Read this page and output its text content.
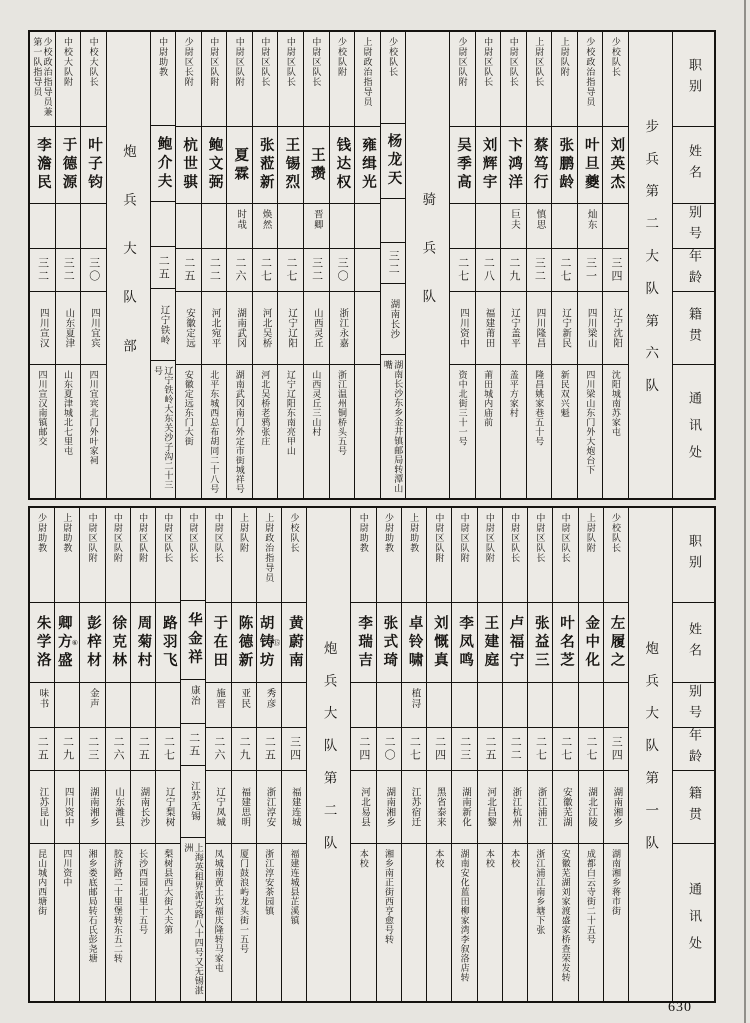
职别
姓名
别号
年龄
籍贯
通讯处
步兵第二大队第六队
少校队长
刘英杰
三四
辽宁沈阳
沈阳城南苏家屯
少校政治指导员
叶旦夔
灿东
三一
四川梁山
四川梁山东门外大炮台下
上尉队附
张鹏龄
二七
辽宁新民
新民双兴魁
上尉区队长
蔡笃行
慎思
三二
四川隆昌
隆昌姚家巷五十号
中尉区队长
卞鸿洋
巨夫
二九
辽宁盖平
盖平方家村
中尉区队长
刘辉宇
二八
福建莆田
莆田城内庙前
少尉区队附
吴季高
二七
四川资中
资中北街三十一号
骑兵队
少校队长
杨龙天
三二
湖南长沙
湖南长沙东乡金井镇邮局转潭山嘴
上尉政治指导员
雍缉光
少校队附
钱达权
三〇
浙江永嘉
浙江温州铜桥头五号
中尉区队长
王瓒
晋卿
三二
山西灵丘
山西灵丘三山村
中尉区队长
王锡烈
二七
辽宁辽阳
辽宁辽阳东南亮甲山
中尉区队长
张蒞新
焕然
二七
河北吴桥
河北吴桥老鸦张庄
中尉区队附
夏霖
时哉
二六
湖南武冈
湖南武冈南门外定市街城祥号
中尉区队附
鲍文弼
二二
河北宛平
北平东城西总布胡同二十八号
少尉区长附
杭世骐
二五
安徽定远
安徽定远东门大街
中尉助教
鲍介夫
二五
辽宁铁岭
辽宁铁岭大东关沙子沟二十三号
炮兵大队部
中校大队长
叶子钧
三〇
四川宜宾
四川宜宾北门外叶家祠
中校大队附
于德源
三二
山东夏津
山东夏津城北七里屯
少校政治指导员兼第一队指导员
李澹民
三二
四川宣汉
四川宣汉南镇邮交
职别
姓名
别号
年龄
籍贯
通讯处
炮兵大队第一队
少校队长
左履之
三四
湖南湘乡
湖南湘乡蒋市街
上尉队附
金中化
二七
湖北江陵
成都白云寺街二十五号
中尉区队长
叶名芝
二七
安徽芜湖
安徽芜湖刘家渡盛家桥查荣发转
中尉区队长
张益三
二七
浙江浦江
浙江浦江南乡塘下张
中尉区队长
卢福宁
二二
浙江杭州
本校
中尉区队附
王建庭
二五
河北昌黎
本校
中尉区队附
李凤鸣
二三
湖南新化
湖南安化蓝田柳家湾李叙洛店转
中尉区队附
刘慨真
二四
黑省泰来
本校
上尉助教
卓铃啸
植浔
二七
江苏宿迁
少尉助教
张式琦
二〇
湖南湘乡
湘乡南正街西亨愈号转
中尉助教
李瑞吉
二四
河北易县
本校
炮兵大队第二队
少校队长
黄蔚南
三四
福建连城
福建连城县芷溪镇
上尉政治指导员
胡铸坊 ⑮
秀彦
二五
浙江淳安
浙江淳安茶园镇
上尉队附
陈德新
亚民
二九
福建思明
厦门鼓浪屿龙头街一五号
中尉区队长
于在田
施晋
二六
辽宁凤城
凤城南黄土坎福庆隆转马家屯
中尉区队长
华金祥
康治
二五
江苏无锡
上海英租界派克路八十四号又无锡湛洲
中尉区队长
路羽飞
二七
辽宁梨树
梨树县西大街大夫第
中尉区队附
周菊村
二五
湖南长沙
长沙西园北里十五号
中尉区队附
徐克林
二六
山东潍县
胶济路二十里堡转东五二转
中尉区队附
彭梓材
金声
二三
湖南湘乡
湘乡娄底邮局转石氏彭尧塘
上尉助教
卿方盛 ⑥
二九
四川资中
四川资中
少尉助教
朱学洛
味书
二五
江苏昆山
昆山城内西塘街
630
